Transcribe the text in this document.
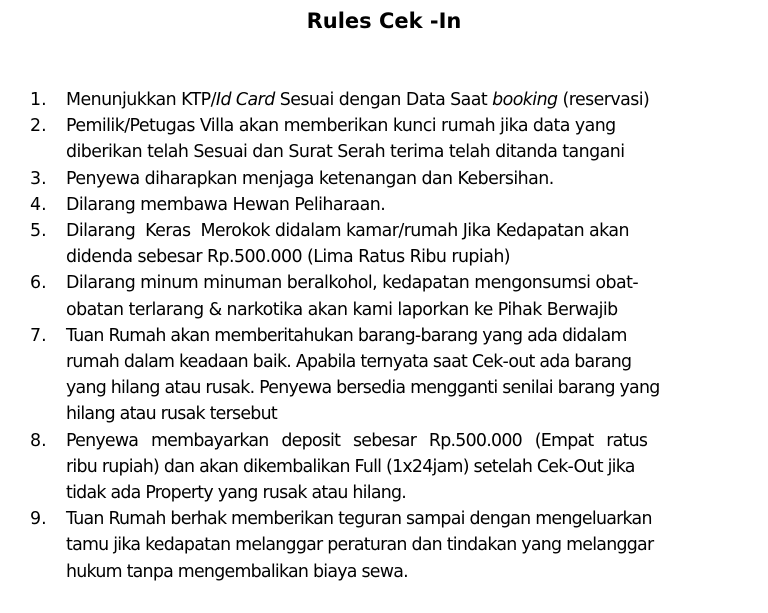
Rules Cek -In
1. Menunjukkan KTP/Id Card Sesuai dengan Data Saat booking (reservasi)
2. Pemilik/Petugas Villa akan memberikan kunci rumah jika data yang
diberikan telah Sesuai dan Surat Serah terima telah ditanda tangani
3. Penyewa diharapkan menjaga ketenangan dan Kebersihan.
4. Dilarang membawa Hewan Peliharaan.
5. Dilarang  Keras  Merokok didalam kamar/rumah Jika Kedapatan akan
didenda sebesar Rp.500.000 (Lima Ratus Ribu rupiah)
6. Dilarang minum minuman beralkohol, kedapatan mengonsumsi obat-
obatan terlarang & narkotika akan kami laporkan ke Pihak Berwajib
7. Tuan Rumah akan memberitahukan barang-barang yang ada didalam
rumah dalam keadaan baik. Apabila ternyata saat Cek-out ada barang
yang hilang atau rusak. Penyewa bersedia mengganti senilai barang yang
hilang atau rusak tersebut
8. Penyewa membayarkan deposit sebesar Rp.500.000 (Empat ratus
ribu rupiah) dan akan dikembalikan Full (1x24jam) setelah Cek-Out jika
tidak ada Property yang rusak atau hilang.
9. Tuan Rumah berhak memberikan teguran sampai dengan mengeluarkan
tamu jika kedapatan melanggar peraturan dan tindakan yang melanggar
hukum tanpa mengembalikan biaya sewa.
